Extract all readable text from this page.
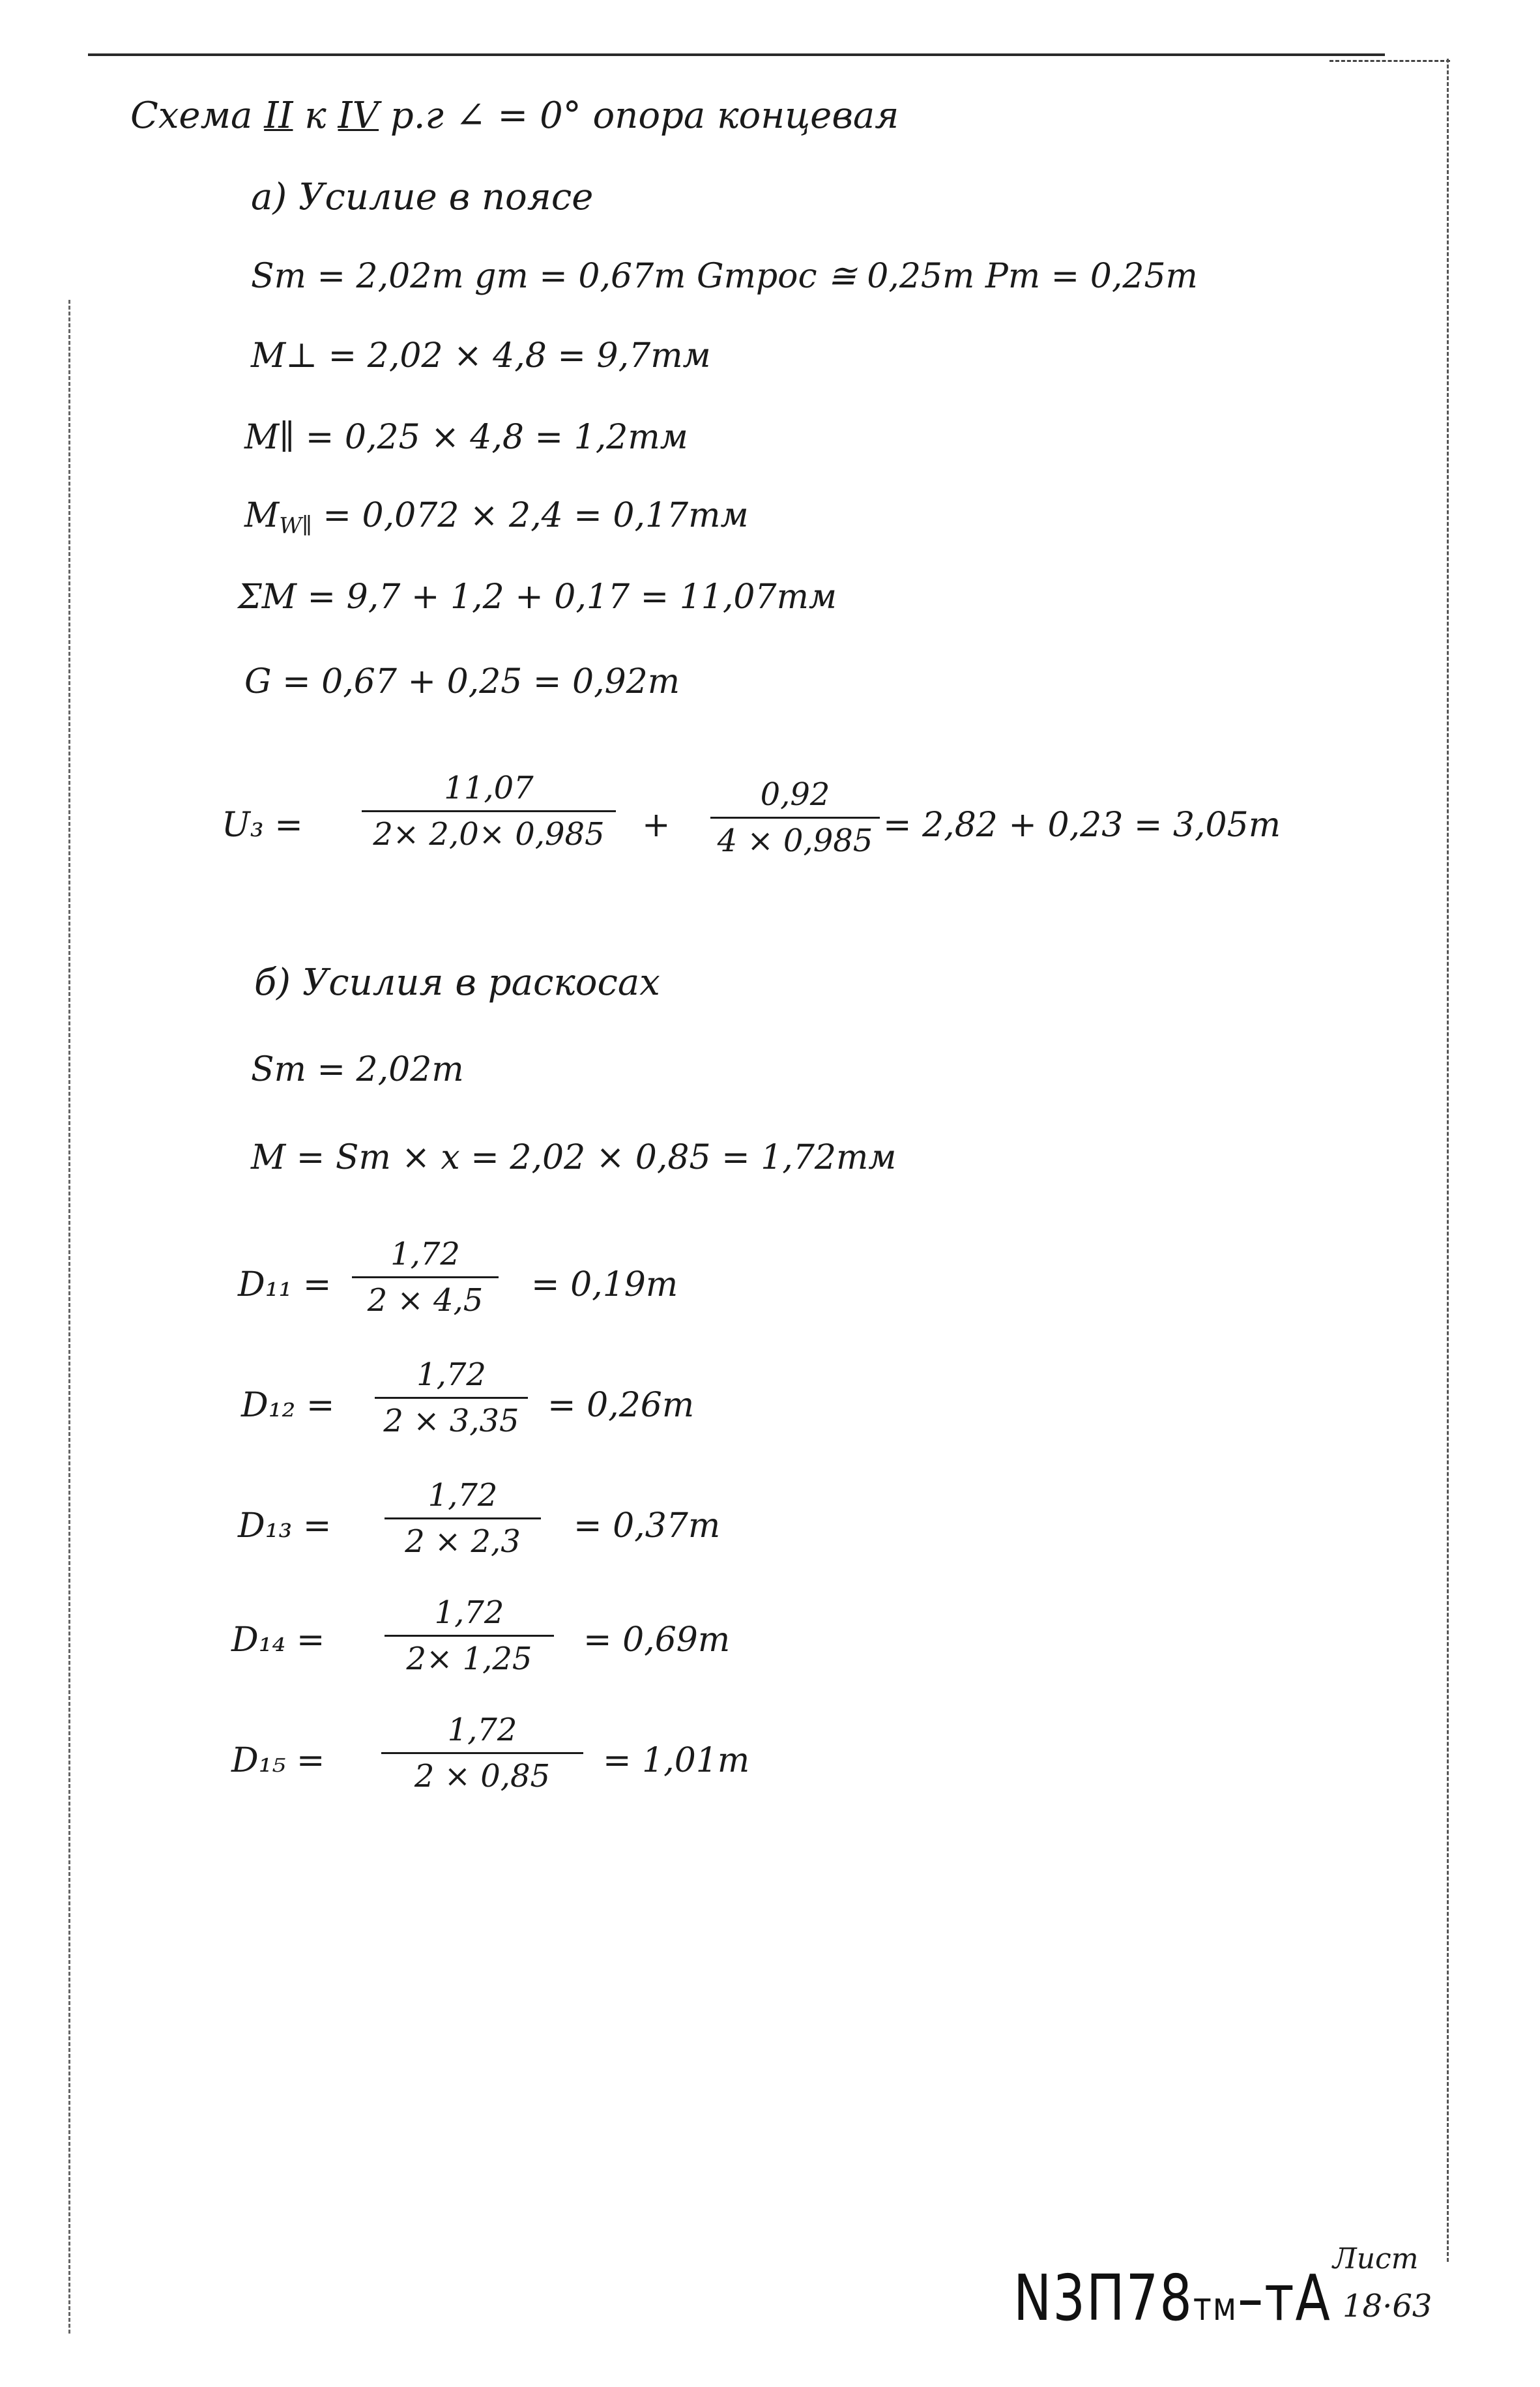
Схема II к IV р.г ∠ = 0° опора концевая
а) Усилие в поясе
Sт = 2,02т gт = 0,67т Gтрос ≅ 0,25т Pт = 0,25т
M⊥ = 2,02 × 4,8 = 9,7тм
M∥ = 0,25 × 4,8 = 1,2тм
$M_{W\parallel} = 0,072 \times 2,4 = 0,17тм$
ΣM = 9,7 + 1,2 + 0,17 = 11,07тм
G = 0,67 + 0,25 = 0,92т
U₃ =
11,07
2× 2,0× 0,985	+
0,92
4 × 0,985 = 2,82 + 0,23 = 3,05т
б) Усилия в раскосах
Sт = 2,02т
M = Sт × x = 2,02 × 0,85 = 1,72тм
D₁₁ =
1,72
2 × 4,5	= 0,19т
D₁₂ =
1,72
2 × 3,35 = 0,26т
D₁₃ =
1,72
2 × 2,3	= 0,37т
D₁₄ =
1,72
2× 1,25	= 0,69т
D₁₅ =
1,72
2 × 0,85	= 1,01т
N3П78тм–тА
Лист
18·63
